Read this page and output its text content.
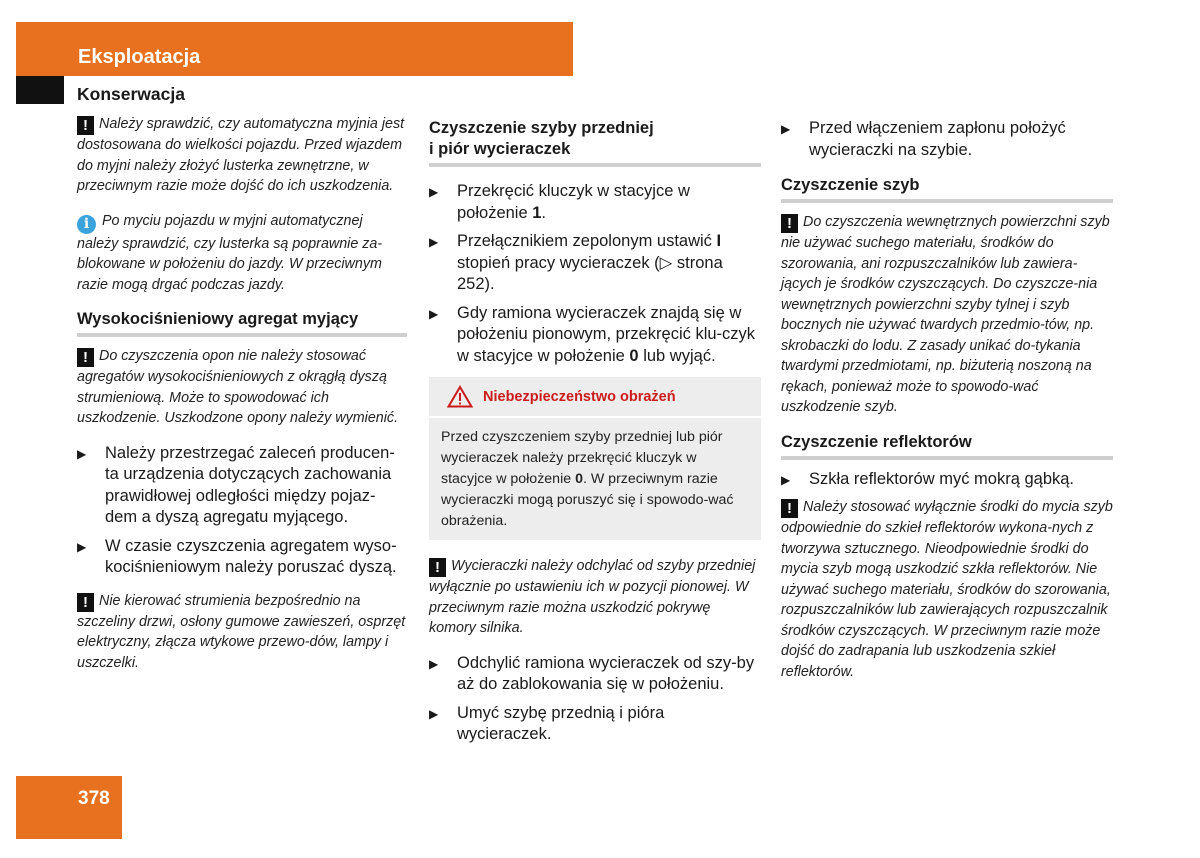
Eksploatacja
Konserwacja
! Należy sprawdzić, czy automatyczna myjnia jest dostosowana do wielkości pojazdu. Przed wjazdem do myjni należy złożyć lusterka zewnętrzne, w przeciwnym razie może dojść do ich uszkodzenia.
i Po myciu pojazdu w myjni automatycznej należy sprawdzić, czy lusterka są poprawnie za-blokowane w położeniu do jazdy. W przeciwnym razie mogą drgać podczas jazdy.
Wysokociśnieniowy agregat myjący
! Do czyszczenia opon nie należy stosować agregatów wysokociśnieniowych z okrągłą dyszą strumieniową. Może to spowodować ich uszkodzenie. Uszkodzone opony należy wymienić.
▶ Należy przestrzegać zaleceń producen-ta urządzenia dotyczących zachowania prawidłowej odległości między pojaz-dem a dyszą agregatu myjącego.
▶ W czasie czyszczenia agregatem wyso-kociśnieniowym należy poruszać dyszą.
! Nie kierować strumienia bezpośrednio na szczeliny drzwi, osłony gumowe zawieszeń, osprzęt elektryczny, złącza wtykowe przewo-dów, lampy i uszczelki.
Czyszczenie szyby przedniej
i piór wycieraczek
▶ Przekręcić kluczyk w stacyjce w położenie 1.
▶ Przełącznikiem zepolonym ustawić I stopień pracy wycieraczek (▷ strona 252).
▶ Gdy ramiona wycieraczek znajdą się w położeniu pionowym, przekręcić klu-czyk w stacyjce w położenie 0 lub wyjąć.
Niebezpieczeństwo obrażeń
Przed czyszczeniem szyby przedniej lub piór wycieraczek należy przekręcić kluczyk w stacyjce w położenie 0. W przeciwnym razie wycieraczki mogą poruszyć się i spowodo-wać obrażenia.
! Wycieraczki należy odchylać od szyby przedniej wyłącznie po ustawieniu ich w pozycji pionowej. W przeciwnym razie można uszkodzić pokrywę komory silnika.
▶ Odchylić ramiona wycieraczek od szy-by aż do zablokowania się w położeniu.
▶ Umyć szybę przednią i pióra wycieraczek.
▶ Przed włączeniem zapłonu położyć wycieraczki na szybie.
Czyszczenie szyb
! Do czyszczenia wewnętrznych powierzchni szyb nie używać suchego materiału, środków do szorowania, ani rozpuszczalników lub zawiera-jących je środków czyszczących. Do czyszcze-nia wewnętrznych powierzchni szyby tylnej i szyb bocznych nie używać twardych przedmio-tów, np. skrobaczki do lodu. Z zasady unikać do-tykania twardymi przedmiotami, np. biżuterią noszoną na rękach, ponieważ może to spowodo-wać uszkodzenie szyb.
Czyszczenie reflektorów
▶ Szkła reflektorów myć mokrą gąbką.
! Należy stosować wyłącznie środki do mycia szyb odpowiednie do szkieł reflektorów wykona-nych z tworzywa sztucznego. Nieodpowiednie środki do mycia szyb mogą uszkodzić szkła reflektorów. Nie używać suchego materiału, środków do szorowania, rozpuszczalników lub zawierających rozpuszczalnik środków czyszczących. W przeciwnym razie może dojść do zadrapania lub uszkodzenia szkieł reflektorów.
378
